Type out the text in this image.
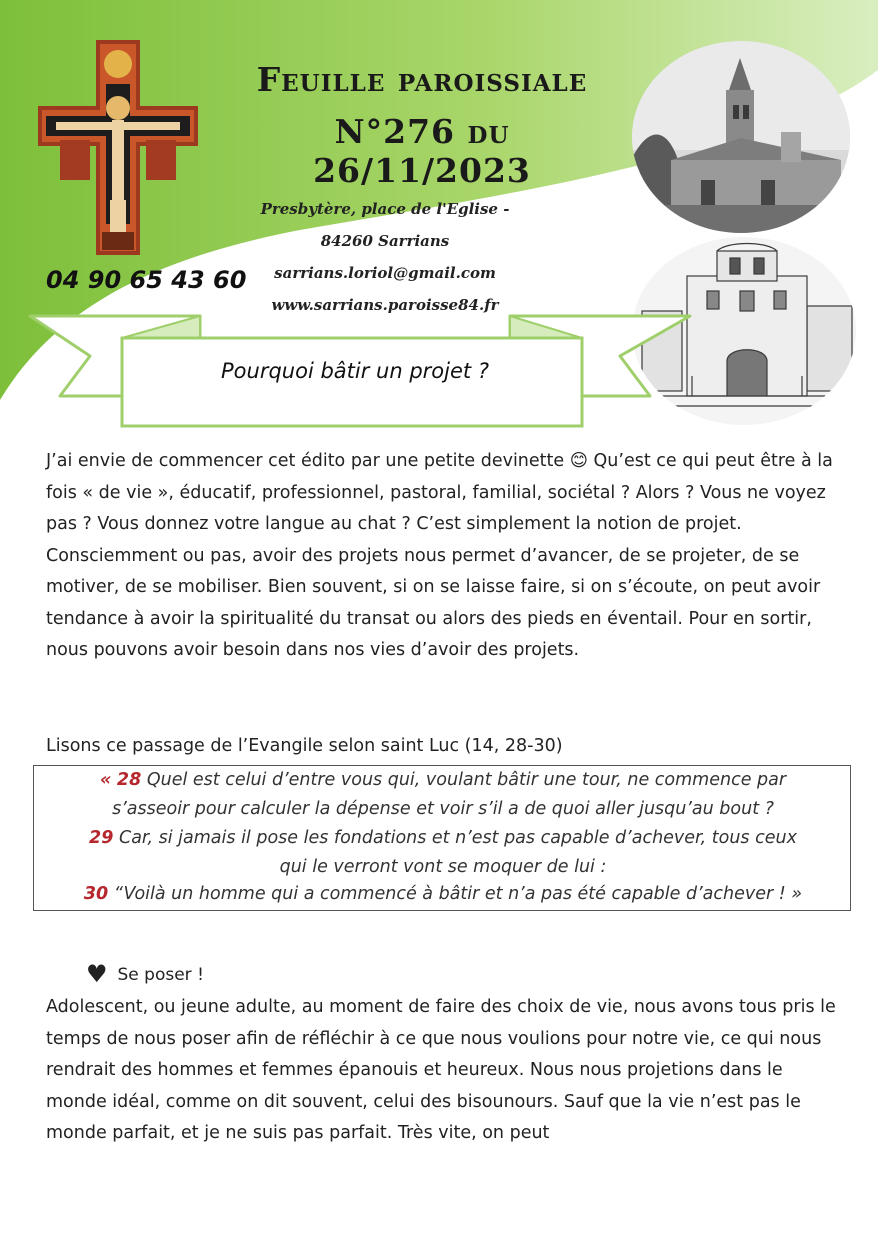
Feuille paroissiale
N°276 du 26/11/2023
Presbytère, place de l'Eglise -
84260 Sarrians
sarrians.loriol@gmail.com
www.sarrians.paroisse84.fr
04 90 65 43 60
Pourquoi bâtir un projet ?
J’ai envie de commencer cet édito par une petite devinette 😊 Qu’est ce qui peut être à la fois « de vie », éducatif, professionnel, pastoral, familial, sociétal ? Alors ? Vous ne voyez pas ? Vous donnez votre langue au chat ? C’est simplement la notion de projet. Consciemment ou pas, avoir des projets nous permet d’avancer, de se projeter, de se motiver, de se mobiliser. Bien souvent, si on se laisse faire, si on s’écoute, on peut avoir tendance à avoir la spiritualité du transat ou alors des pieds en éventail. Pour en sortir, nous pouvons avoir besoin dans nos vies d’avoir des projets.
Lisons ce passage de l’Evangile selon saint Luc (14, 28-30)
« 28 Quel est celui d’entre vous qui, voulant bâtir une tour, ne commence par
s’asseoir pour calculer la dépense et voir s’il a de quoi aller jusqu’au bout ?
29 Car, si jamais il pose les fondations et n’est pas capable d’achever, tous ceux
qui le verront vont se moquer de lui :
30 “Voilà un homme qui a commencé à bâtir et n’a pas été capable d’achever ! »
♥ Se poser !
Adolescent, ou jeune adulte, au moment de faire des choix de vie, nous avons tous pris le temps de nous poser afin de réfléchir à ce que nous voulions pour notre vie, ce qui nous rendrait des hommes et femmes épanouis et heureux. Nous nous projetions dans le monde idéal, comme on dit souvent, celui des bisounours. Sauf que la vie n’est pas le monde parfait, et je ne suis pas parfait. Très vite, on peut
